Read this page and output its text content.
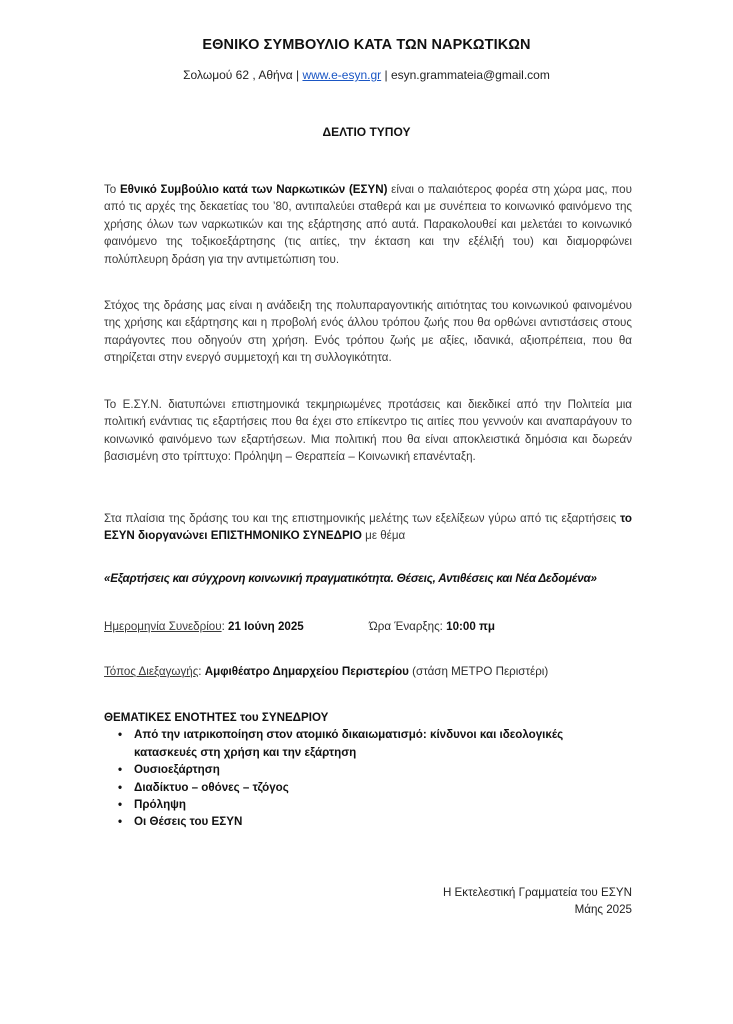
ΕΘΝΙΚΟ ΣΥΜΒΟΥΛΙΟ ΚΑΤΑ ΤΩΝ ΝΑΡΚΩΤΙΚΩΝ
Σολωμού 62 , Αθήνα | www.e-esyn.gr | esyn.grammateia@gmail.com
ΔΕΛΤΙΟ ΤΥΠΟΥ
Το Εθνικό Συμβούλιο κατά των Ναρκωτικών (ΕΣΥΝ) είναι ο παλαιότερος φορέα στη χώρα μας, που από τις αρχές της δεκαετίας του ’80, αντιπαλεύει σταθερά και με συνέπεια το κοινωνικό φαινόμενο της χρήσης όλων των ναρκωτικών και της εξάρτησης από αυτά. Παρακολουθεί και μελετάει το κοινωνικό φαινόμενο της τοξικοεξάρτησης (τις αιτίες, την έκταση και την εξέλιξή του) και διαμορφώνει πολύπλευρη δράση για την αντιμετώπιση του.
Στόχος της δράσης μας είναι η ανάδειξη της πολυπαραγοντικής αιτιότητας του κοινωνικού φαινομένου της χρήσης και εξάρτησης και η προβολή ενός άλλου τρόπου ζωής που θα ορθώνει αντιστάσεις στους παράγοντες που οδηγούν στη χρήση. Ενός τρόπου ζωής με αξίες, ιδανικά, αξιοπρέπεια, που θα στηρίζεται στην ενεργό συμμετοχή και τη συλλογικότητα.
Το Ε.ΣΥ.Ν. διατυπώνει επιστημονικά τεκμηριωμένες προτάσεις και διεκδικεί από την Πολιτεία μια πολιτική ενάντιας τις εξαρτήσεις που θα έχει στο επίκεντρο τις αιτίες που γεννούν και αναπαράγουν το κοινωνικό φαινόμενο των εξαρτήσεων. Μια πολιτική που θα είναι αποκλειστικά δημόσια και δωρεάν βασισμένη στο τρίπτυχο: Πρόληψη – Θεραπεία – Κοινωνική επανένταξη.
Στα πλαίσια της δράσης του και της επιστημονικής μελέτης των εξελίξεων γύρω από τις εξαρτήσεις το ΕΣΥΝ διοργανώνει ΕΠΙΣΤΗΜΟΝΙΚΟ ΣΥΝΕΔΡΙΟ με θέμα
«Εξαρτήσεις και σύγχρονη κοινωνική πραγματικότητα. Θέσεις, Αντιθέσεις και Νέα Δεδομένα»
Ημερομηνία Συνεδρίου: 21 Ιούνη 2025	Ώρα Έναρξης: 10:00 πμ
Τόπος Διεξαγωγής: Αμφιθέατρο Δημαρχείου Περιστερίου (στάση ΜΕΤΡΟ Περιστέρι)
ΘΕΜΑΤΙΚΕΣ ΕΝΟΤΗΤΕΣ του ΣΥΝΕΔΡΙΟΥ
• Από την ιατρικοποίηση στον ατομικό δικαιωματισμό: κίνδυνοι και ιδεολογικές κατασκευές στη χρήση και την εξάρτηση
• Ουσιοεξάρτηση
• Διαδίκτυο – οθόνες – τζόγος
• Πρόληψη
• Οι Θέσεις του ΕΣΥΝ
Η Εκτελεστική Γραμματεία του ΕΣΥΝ
Μάης 2025
